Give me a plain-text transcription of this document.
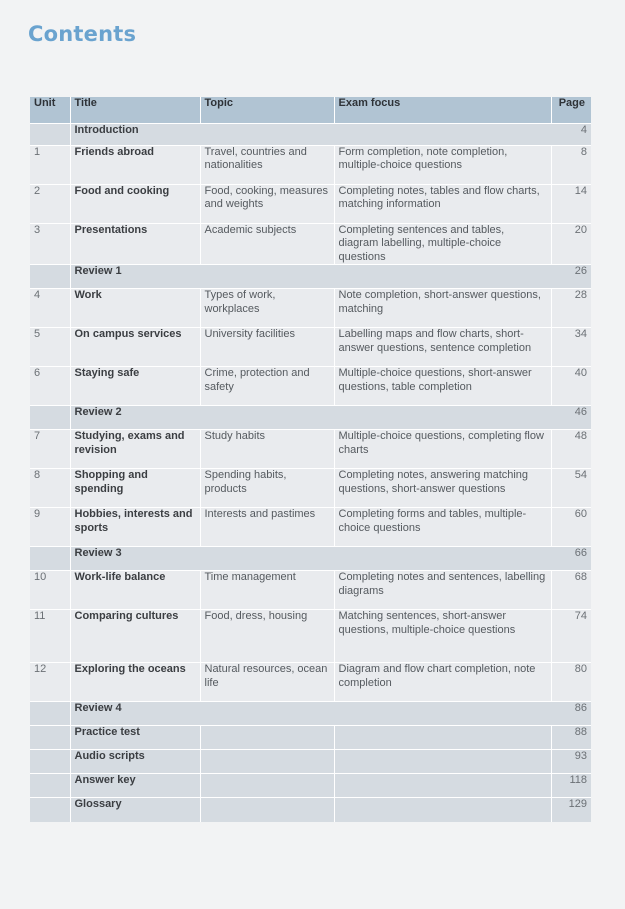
Contents
Unit	Title	Topic	Exam focus	Page
	Introduction			4
1	Friends abroad	Travel, countries and nationalities	Form completion, note completion, multiple-choice questions	8
2	Food and cooking	Food, cooking, measures and weights	Completing notes, tables and flow charts, matching information	14
3	Presentations	Academic subjects	Completing sentences and tables, diagram labelling, multiple-choice questions	20
	Review 1			26
4	Work	Types of work, workplaces	Note completion, short-answer questions, matching	28
5	On campus services	University facilities	Labelling maps and flow charts, short-answer questions, sentence completion	34
6	Staying safe	Crime, protection and safety	Multiple-choice questions, short-answer questions, table completion	40
	Review 2			46
7	Studying, exams and revision	Study habits	Multiple-choice questions, completing flow charts	48
8	Shopping and spending	Spending habits, products	Completing notes, answering matching questions, short-answer questions	54
9	Hobbies, interests and sports	Interests and pastimes	Completing forms and tables, multiple-choice questions	60
	Review 3			66
10	Work-life balance	Time management	Completing notes and sentences, labelling diagrams	68
11	Comparing cultures	Food, dress, housing	Matching sentences, short-answer questions, multiple-choice questions	74
12	Exploring the oceans	Natural resources, ocean life	Diagram and flow chart completion, note completion	80
	Review 4			86
	Practice test			88
	Audio scripts			93
	Answer key			118
	Glossary			129
